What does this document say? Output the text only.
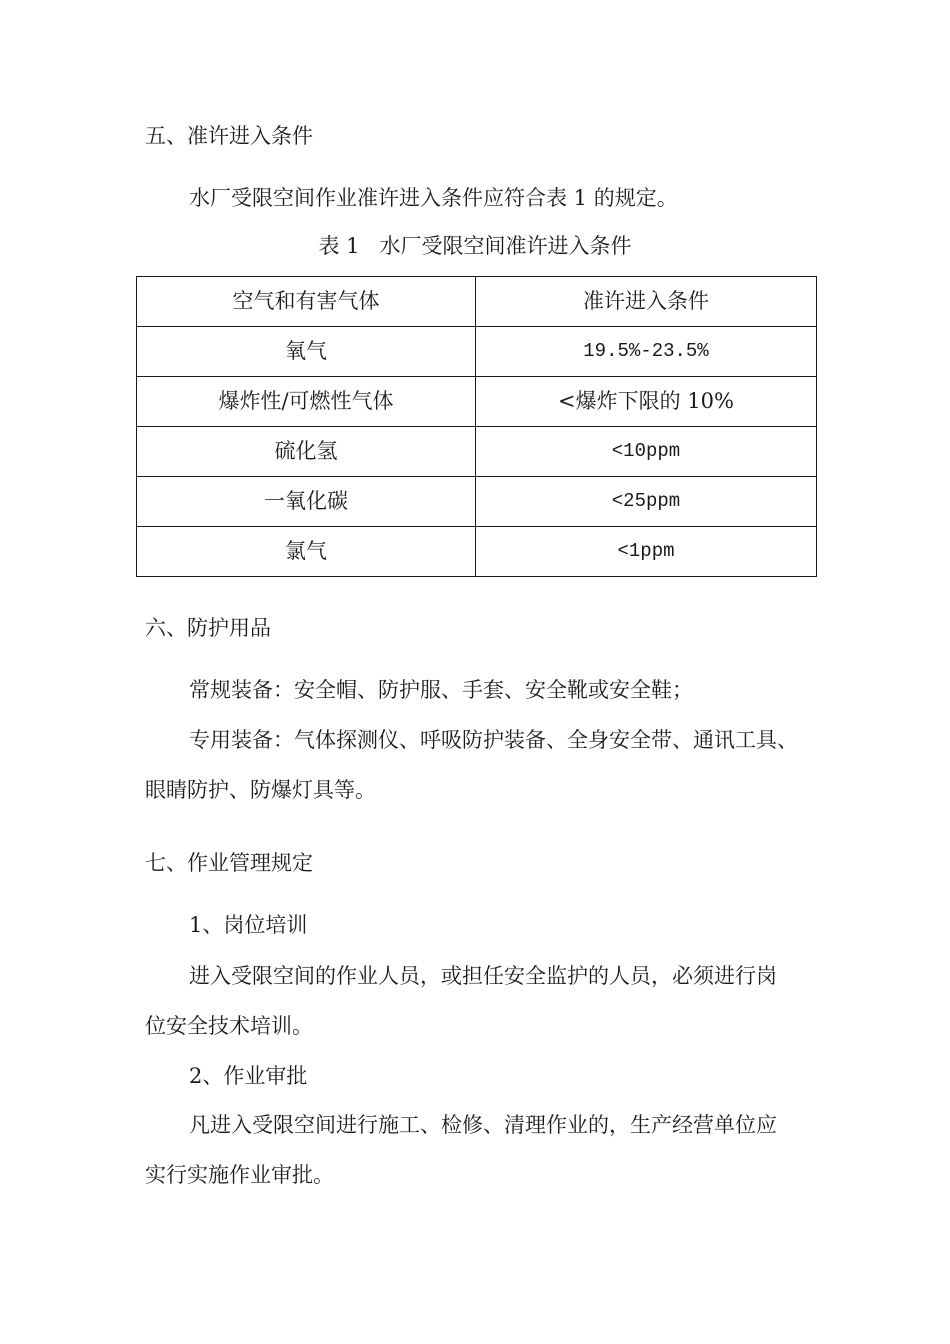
五、准许进入条件
水厂受限空间作业准许进入条件应符合表 1 的规定。
表 1   水厂受限空间准许进入条件
空气和有害气体	准许进入条件
氧气	19.5%-23.5%
爆炸性/可燃性气体	<爆炸下限的 10%
硫化氢	<10ppm
一氧化碳	<25ppm
氯气	<1ppm
六、防护用品
常规装备：安全帽、防护服、手套、安全靴或安全鞋；
专用装备：气体探测仪、呼吸防护装备、全身安全带、通讯工具、
眼睛防护、防爆灯具等。
七、作业管理规定
1、岗位培训
进入受限空间的作业人员，或担任安全监护的人员，必须进行岗
位安全技术培训。
2、作业审批
凡进入受限空间进行施工、检修、清理作业的，生产经营单位应
实行实施作业审批。
